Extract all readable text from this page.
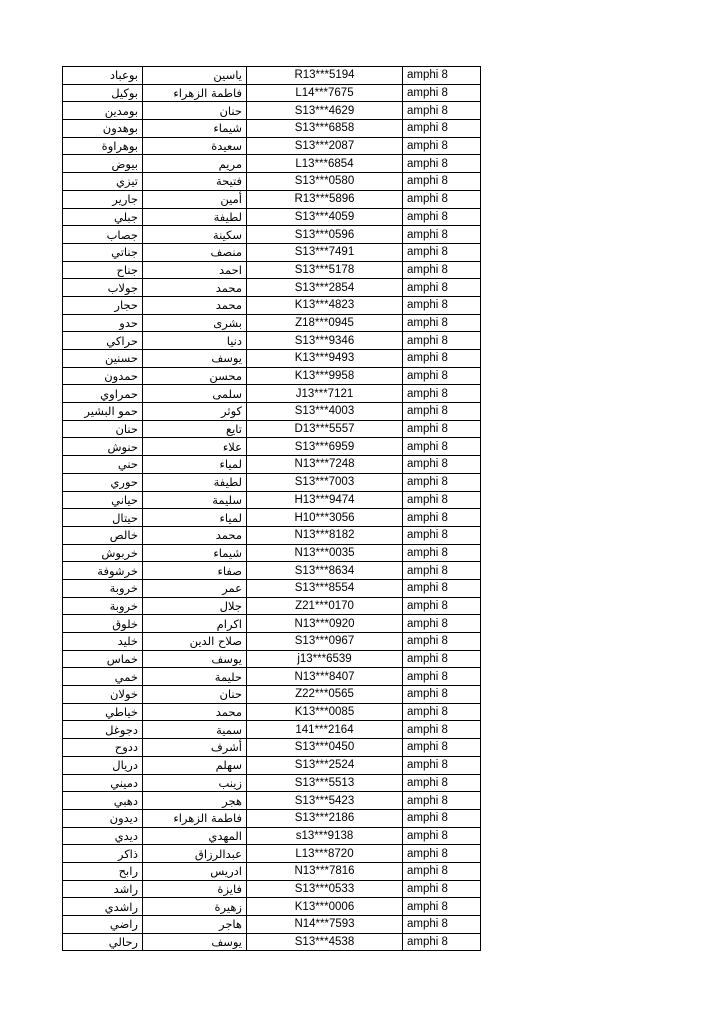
بوعباد	ياسين	R13***5194	amphi 8
بوكيل	فاطمة الزهراء	L14***7675	amphi 8
بومدين	حنان	S13***4629	amphi 8
بوهدون	شيماء	S13***6858	amphi 8
بوهراوة	سعيدة	S13***2087	amphi 8
بيوض	مريم	L13***6854	amphi 8
تيزي	فتيحة	S13***0580	amphi 8
جارير	أمين	R13***5896	amphi 8
جبلي	لطيفة	S13***4059	amphi 8
جصاب	سكينة	S13***0596	amphi 8
جناتي	منصف	S13***7491	amphi 8
جناح	احمد	S13***5178	amphi 8
جولاب	محمد	S13***2854	amphi 8
حجار	محمد	K13***4823	amphi 8
حدو	بشرى	Z18***0945	amphi 8
حراكي	دنيا	S13***9346	amphi 8
حسنين	يوسف	K13***9493	amphi 8
حمدون	محسن	K13***9958	amphi 8
حمراوي	سلمى	J13***7121	amphi 8
حمو البشير	كوثر	S13***4003	amphi 8
حنان	تايع	D13***5557	amphi 8
حنوش	علاء	S13***6959	amphi 8
حني	لمياء	N13***7248	amphi 8
حوري	لطيفة	S13***7003	amphi 8
حياني	سليمة	H13***9474	amphi 8
حيتال	لمياء	H10***3056	amphi 8
خالص	محمد	N13***8182	amphi 8
خربوش	شيماء	N13***0035	amphi 8
خرشوفة	صفاء	S13***8634	amphi 8
خروبة	عمر	S13***8554	amphi 8
خروبة	جلال	Z21***0170	amphi 8
خلوق	اكرام	N13***0920	amphi 8
خليد	صلاح الدين	S13***0967	amphi 8
خماس	يوسف	j13***6539	amphi 8
خمي	حليمة	N13***8407	amphi 8
خولان	حنان	Z22***0565	amphi 8
خياطي	محمد	K13***0085	amphi 8
دجوغل	سمية	141***2164	amphi 8
ددوح	أشرف	S13***0450	amphi 8
دريال	سهلم	S13***2524	amphi 8
دميني	زينب	S13***5513	amphi 8
دهبي	هجر	S13***5423	amphi 8
ديدون	فاطمة الزهراء	S13***2186	amphi 8
ديدي	المهدي	s13***9138	amphi 8
ذاكر	عبدالرزاق	L13***8720	amphi 8
رابح	ادريس	N13***7816	amphi 8
راشد	فايزة	S13***0533	amphi 8
راشدي	زهيرة	K13***0006	amphi 8
راضي	هاجر	N14***7593	amphi 8
رحالي	يوسف	S13***4538	amphi 8
